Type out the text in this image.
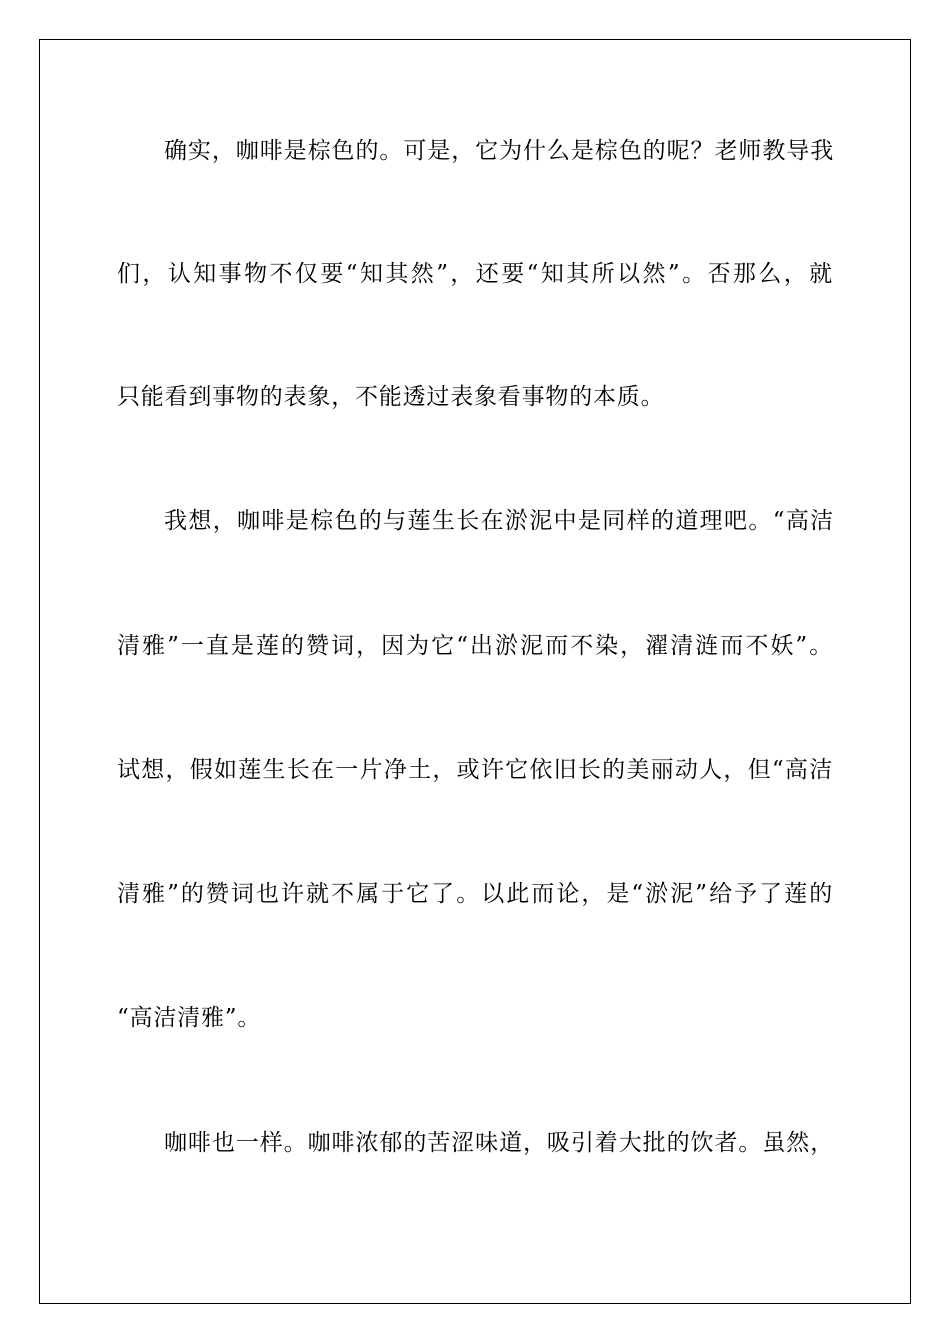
确实，咖啡是棕色的。可是，它为什么是棕色的呢？老师教导我
们，认知事物不仅要“知其然”，还要“知其所以然”。否那么，就
只能看到事物的表象，不能透过表象看事物的本质。
我想，咖啡是棕色的与莲生长在淤泥中是同样的道理吧。“高洁
清雅”一直是莲的赞词，因为它“出淤泥而不染，濯清涟而不妖”。
试想，假如莲生长在一片净土，或许它依旧长的美丽动人，但“高洁
清雅”的赞词也许就不属于它了。以此而论，是“淤泥”给予了莲的
“高洁清雅”。
咖啡也一样。咖啡浓郁的苦涩味道，吸引着大批的饮者。虽然，
